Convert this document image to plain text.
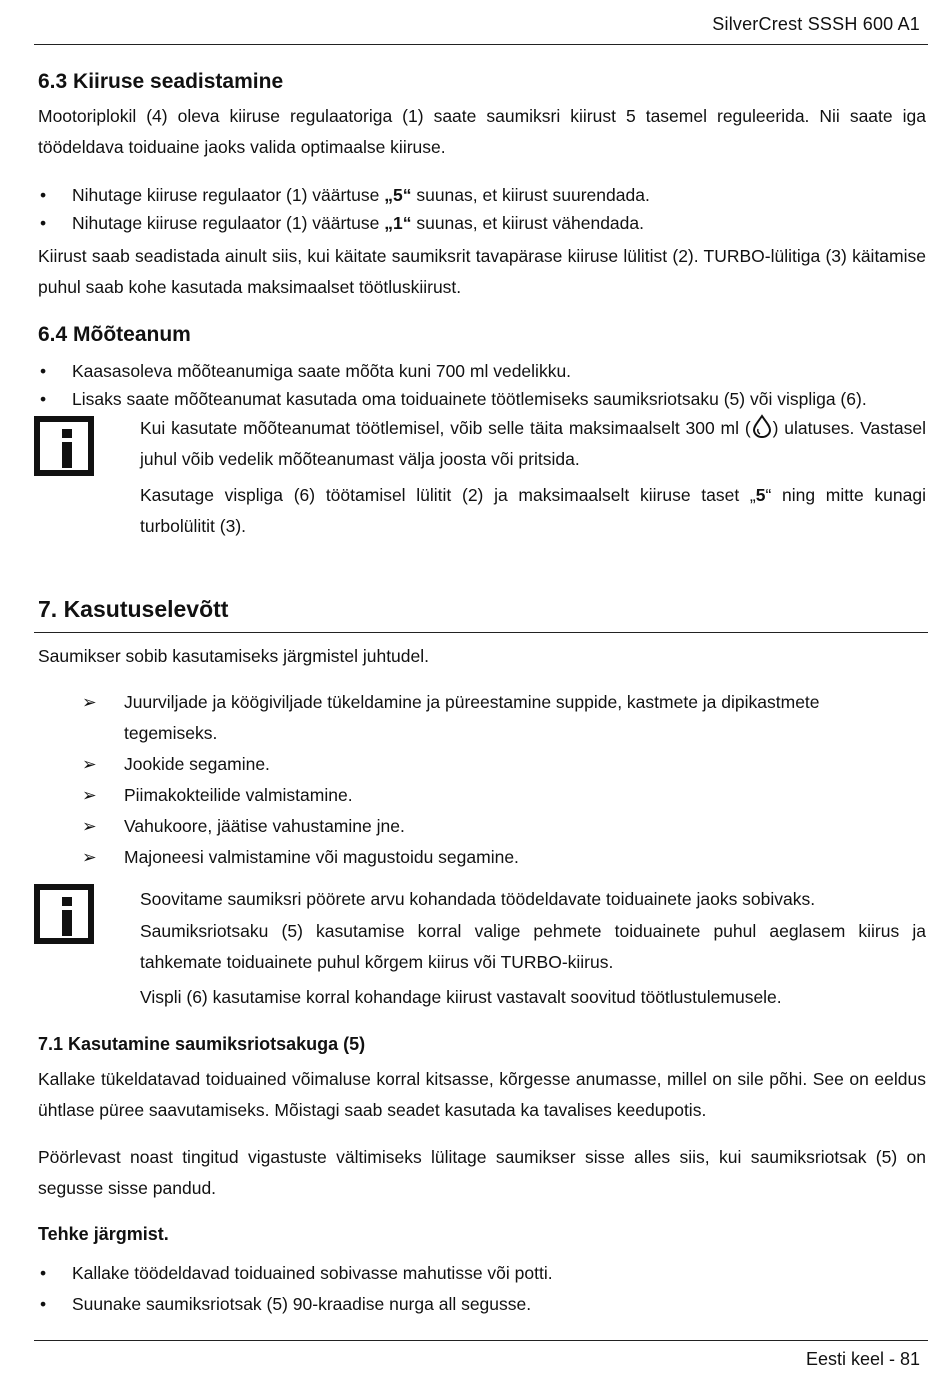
SilverCrest SSSH 600 A1
6.3 Kiiruse seadistamine

Mootoriplokil (4) oleva kiiruse regulaatoriga (1) saate saumiksri kiirust 5 tasemel reguleerida. Nii saate iga töödeldava toiduaine jaoks valida optimaalse kiiruse.

• Nihutage kiiruse regulaator (1) väärtuse „5“ suunas, et kiirust suurendada.
• Nihutage kiiruse regulaator (1) väärtuse „1“ suunas, et kiirust vähendada.

Kiirust saab seadistada ainult siis, kui käitate saumiksrit tavapärase kiiruse lülitist (2). TURBO-lülitiga (3) käitamise puhul saab kohe kasutada maksimaalset töötluskiirust.

6.4 Mõõteanum
• Kaasasoleva mõõteanumiga saate mõõta kuni 700 ml vedelikku.
• Lisaks saate mõõteanumat kasutada oma toiduainete töötlemiseks saumiksriotsaku (5) või vispliga (6).

Kui kasutate mõõteanumat töötlemisel, võib selle täita maksimaalselt 300 ml ( ) ulatuses. Vastasel juhul võib vedelik mõõteanumast välja joosta või pritsida.

Kasutage vispliga (6) töötamisel lülitit (2) ja maksimaalselt kiiruse taset „5“ ning mitte kunagi turbolülitit (3).

7. Kasutuselevõtt

Saumikser sobib kasutamiseks järgmistel juhtudel.

➢ Juurviljade ja köögiviljade tükeldamine ja püreestamine suppide, kastmete ja dipikastmete tegemiseks.
➢ Jookide segamine.
➢ Piimakokteilide valmistamine.
➢ Vahukoore, jäätise vahustamine jne.
➢ Majoneesi valmistamine või magustoidu segamine.

Soovitame saumiksri pöörete arvu kohandada töödeldavate toiduainete jaoks sobivaks.

Saumiksriotsaku (5) kasutamise korral valige pehmete toiduainete puhul aeglasem kiirus ja tahkemate toiduainete puhul kõrgem kiirus või TURBO-kiirus.

Vispli (6) kasutamise korral kohandage kiirust vastavalt soovitud töötlustulemusele.

7.1 Kasutamine saumiksriotsakuga (5)

Kallake tükeldatavad toiduained võimaluse korral kitsasse, kõrgesse anumasse, millel on sile põhi. See on eeldus ühtlase püree saavutamiseks. Mõistagi saab seadet kasutada ka tavalises keedupotis.

Pöörlevast noast tingitud vigastuste vältimiseks lülitage saumikser sisse alles siis, kui saumiksriotsak (5) on segusse sisse pandud.

Tehke järgmist.
• Kallake töödeldavad toiduained sobivasse mahutisse või potti.
• Suunake saumiksriotsak (5) 90-kraadise nurga all segusse.
Eesti keel - 81
